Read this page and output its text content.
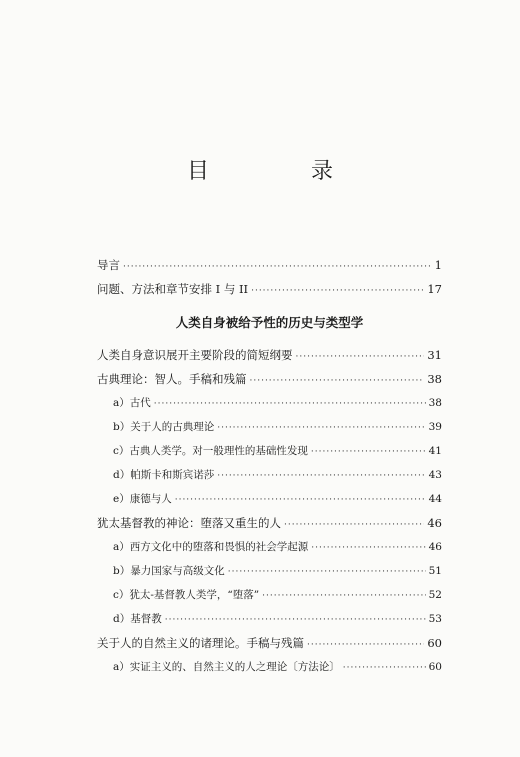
目　录
导言 ·····	1
问题、方法和章节安排 I 与 II ·····	17
人类自身被给予性的历史与类型学
人类自身意识展开主要阶段的简短纲要 ·····	31
古典理论：智人。手稿和残篇 ·····	38
a）古代 ·····	38
b）关于人的古典理论 ·····	39
c）古典人类学。对一般理性的基础性发现 ·····	41
d）帕斯卡和斯宾诺莎 ·····	43
e）康德与人 ·····	44
犹太基督教的神论：堕落又重生的人 ·····	46
a）西方文化中的堕落和畏惧的社会学起源 ·····	46
b）暴力国家与高级文化 ·····	51
c）犹太-基督教人类学，“堕落” ·····	52
d）基督教 ·····	53
关于人的自然主义的诸理论。手稿与残篇 ·····	60
a）实证主义的、自然主义的人之理论〔方法论〕 ·····	60
